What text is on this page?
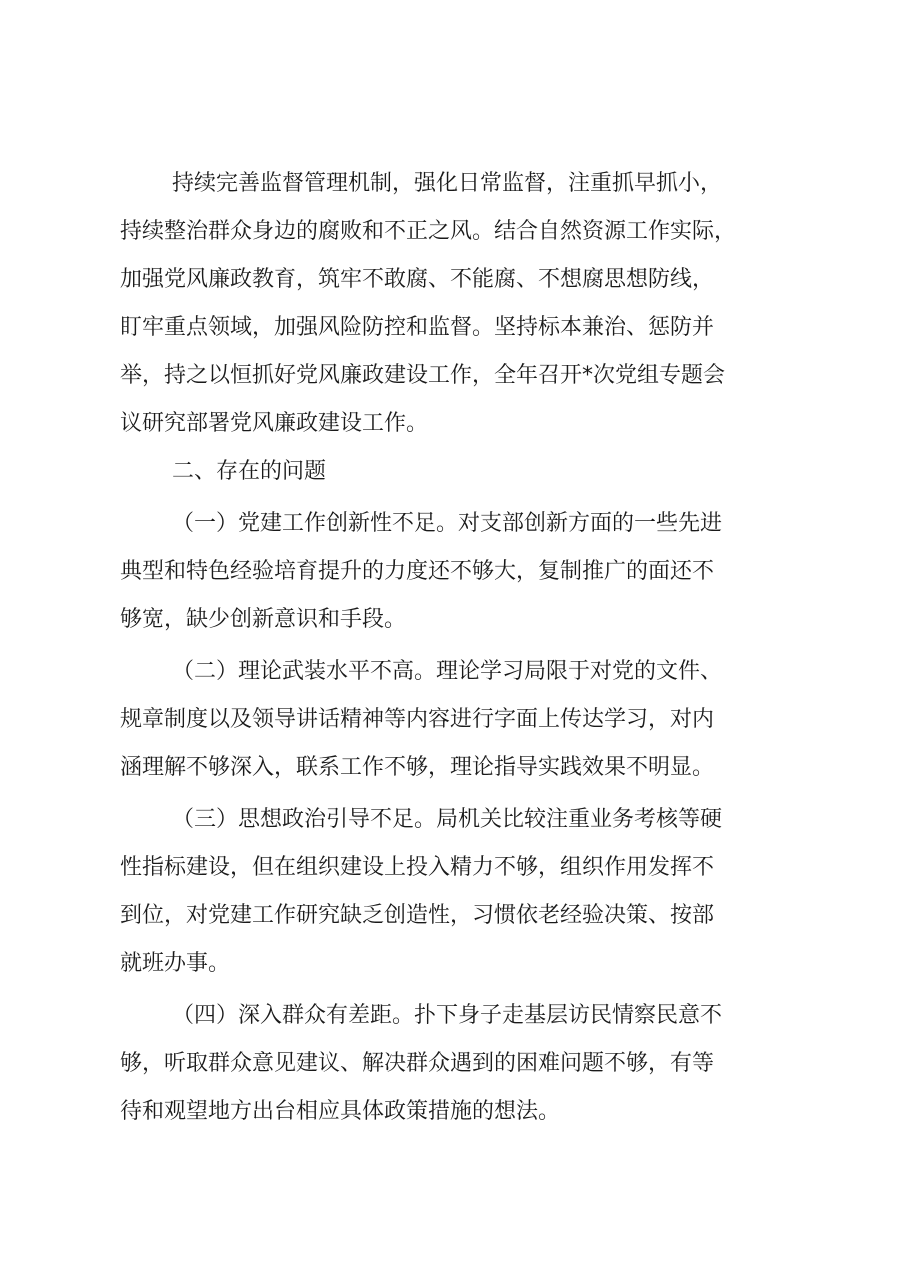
持续完善监督管理机制，强化日常监督，注重抓早抓小，
持续整治群众身边的腐败和不正之风。结合自然资源工作实际，
加强党风廉政教育，筑牢不敢腐、不能腐、不想腐思想防线，
盯牢重点领域，加强风险防控和监督。坚持标本兼治、惩防并
举，持之以恒抓好党风廉政建设工作，全年召开*次党组专题会
议研究部署党风廉政建设工作。
二、存在的问题
（一）党建工作创新性不足。对支部创新方面的一些先进
典型和特色经验培育提升的力度还不够大，复制推广的面还不
够宽，缺少创新意识和手段。
（二）理论武装水平不高。理论学习局限于对党的文件、
规章制度以及领导讲话精神等内容进行字面上传达学习，对内
涵理解不够深入，联系工作不够，理论指导实践效果不明显。
（三）思想政治引导不足。局机关比较注重业务考核等硬
性指标建设，但在组织建设上投入精力不够，组织作用发挥不
到位，对党建工作研究缺乏创造性，习惯依老经验决策、按部
就班办事。
（四）深入群众有差距。扑下身子走基层访民情察民意不
够，听取群众意见建议、解决群众遇到的困难问题不够，有等
待和观望地方出台相应具体政策措施的想法。
